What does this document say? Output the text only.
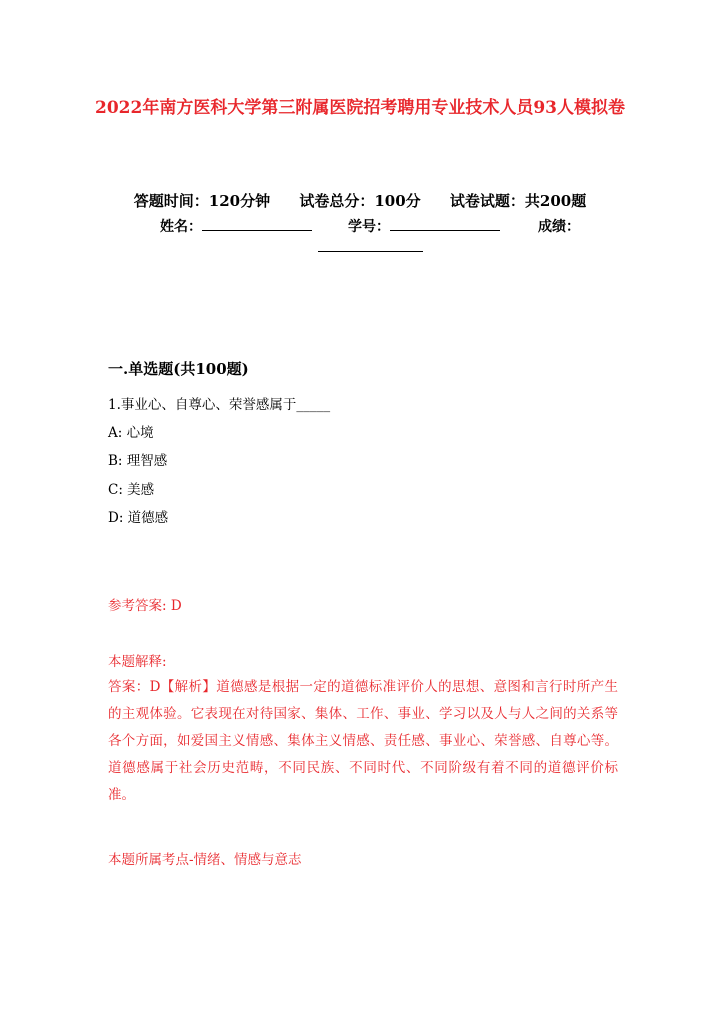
2022年南方医科大学第三附属医院招考聘用专业技术人员93人模拟卷
答题时间：120分钟 试卷总分：100分 试卷试题：共200题
姓名：	学号：	成绩：
一.单选题(共100题)
1.事业心、自尊心、荣誉感属于_____
A: 心境
B: 理智感
C: 美感
D: 道德感
参考答案: D
本题解释:
答案：D【解析】道德感是根据一定的道德标准评价人的思想、意图和言行时所产生的主观体验。它表现在对待国家、集体、工作、事业、学习以及人与人之间的关系等各个方面，如爱国主义情感、集体主义情感、责任感、事业心、荣誉感、自尊心等。道德感属于社会历史范畴，不同民族、不同时代、不同阶级有着不同的道德评价标准。
本题所属考点-情绪、情感与意志
